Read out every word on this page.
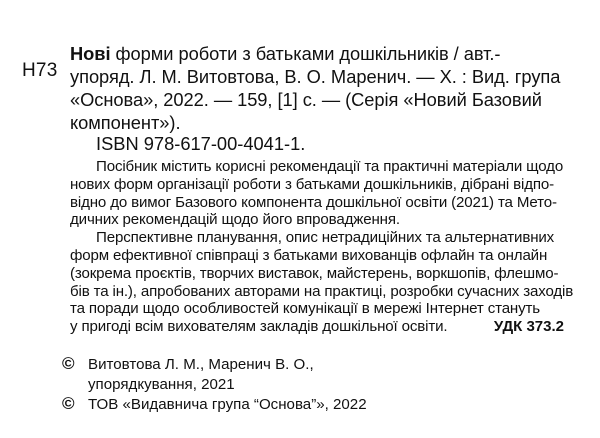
Н73
Нові форми роботи з батьками дошкільників / авт.-
упоряд. Л. М. Витовтова, В. О. Маренич. — Х. : Вид. група
«Основа», 2022. — 159, [1] с. — (Серія «Новий Базовий
компонент»).
ISBN 978-617-00-4041-1.
Посібник містить корисні рекомендації та практичні матеріали щодо
нових форм організації роботи з батьками дошкільників, дібрані відпо-
відно до вимог Базового компонента дошкільної освіти (2021) та Мето-
дичних рекомендацій щодо його впровадження.
Перспективне планування, опис нетрадиційних та альтернативних
форм ефективної співпраці з батьками вихованців офлайн та онлайн
(зокрема проєктів, творчих виставок, майстерень, воркшопів, флешмо-
бів та ін.), апробованих авторами на практиці, розробки сучасних заходів
та поради щодо особливостей комунікації в мережі Інтернет стануть
у пригоді всім вихователям закладів дошкільної освіти.	УДК 373.2
© Витовтова Л. М., Маренич В. О.,
упорядкування, 2021
© ТОВ «Видавнича група “Основа”», 2022
